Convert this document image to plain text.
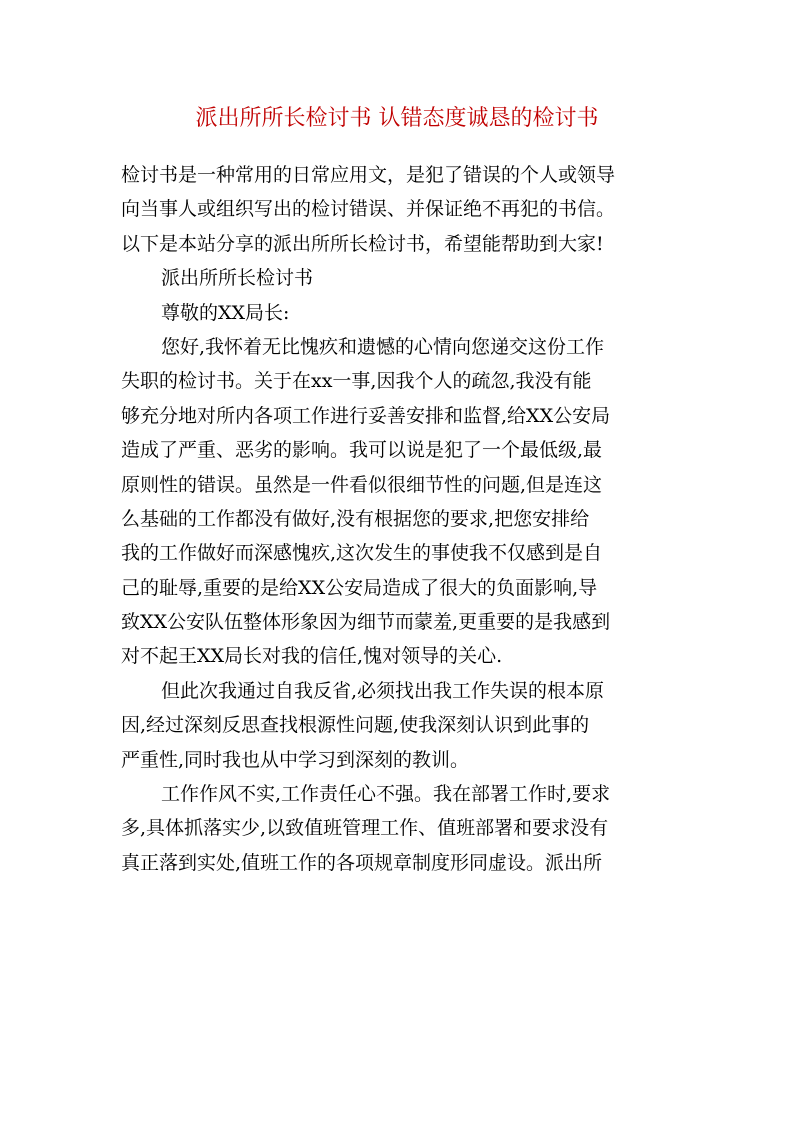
派出所所长检讨书 认错态度诚恳的检讨书
检讨书是一种常用的日常应用文，是犯了错误的个人或领导
向当事人或组织写出的检讨错误、并保证绝不再犯的书信。
以下是本站分享的派出所所长检讨书，希望能帮助到大家!
派出所所长检讨书
尊敬的XX局长:
您好,我怀着无比愧疚和遗憾的心情向您递交这份工作
失职的检讨书。关于在xx一事,因我个人的疏忽,我没有能
够充分地对所内各项工作进行妥善安排和监督,给XX公安局
造成了严重、恶劣的影响。我可以说是犯了一个最低级,最
原则性的错误。虽然是一件看似很细节性的问题,但是连这
么基础的工作都没有做好,没有根据您的要求,把您安排给
我的工作做好而深感愧疚,这次发生的事使我不仅感到是自
己的耻辱,重要的是给XX公安局造成了很大的负面影响,导
致XX公安队伍整体形象因为细节而蒙羞,更重要的是我感到
对不起王XX局长对我的信任,愧对领导的关心.
但此次我通过自我反省,必须找出我工作失误的根本原
因,经过深刻反思查找根源性问题,使我深刻认识到此事的
严重性,同时我也从中学习到深刻的教训。
工作作风不实,工作责任心不强。我在部署工作时,要求
多,具体抓落实少,以致值班管理工作、值班部署和要求没有
真正落到实处,值班工作的各项规章制度形同虚设。派出所
